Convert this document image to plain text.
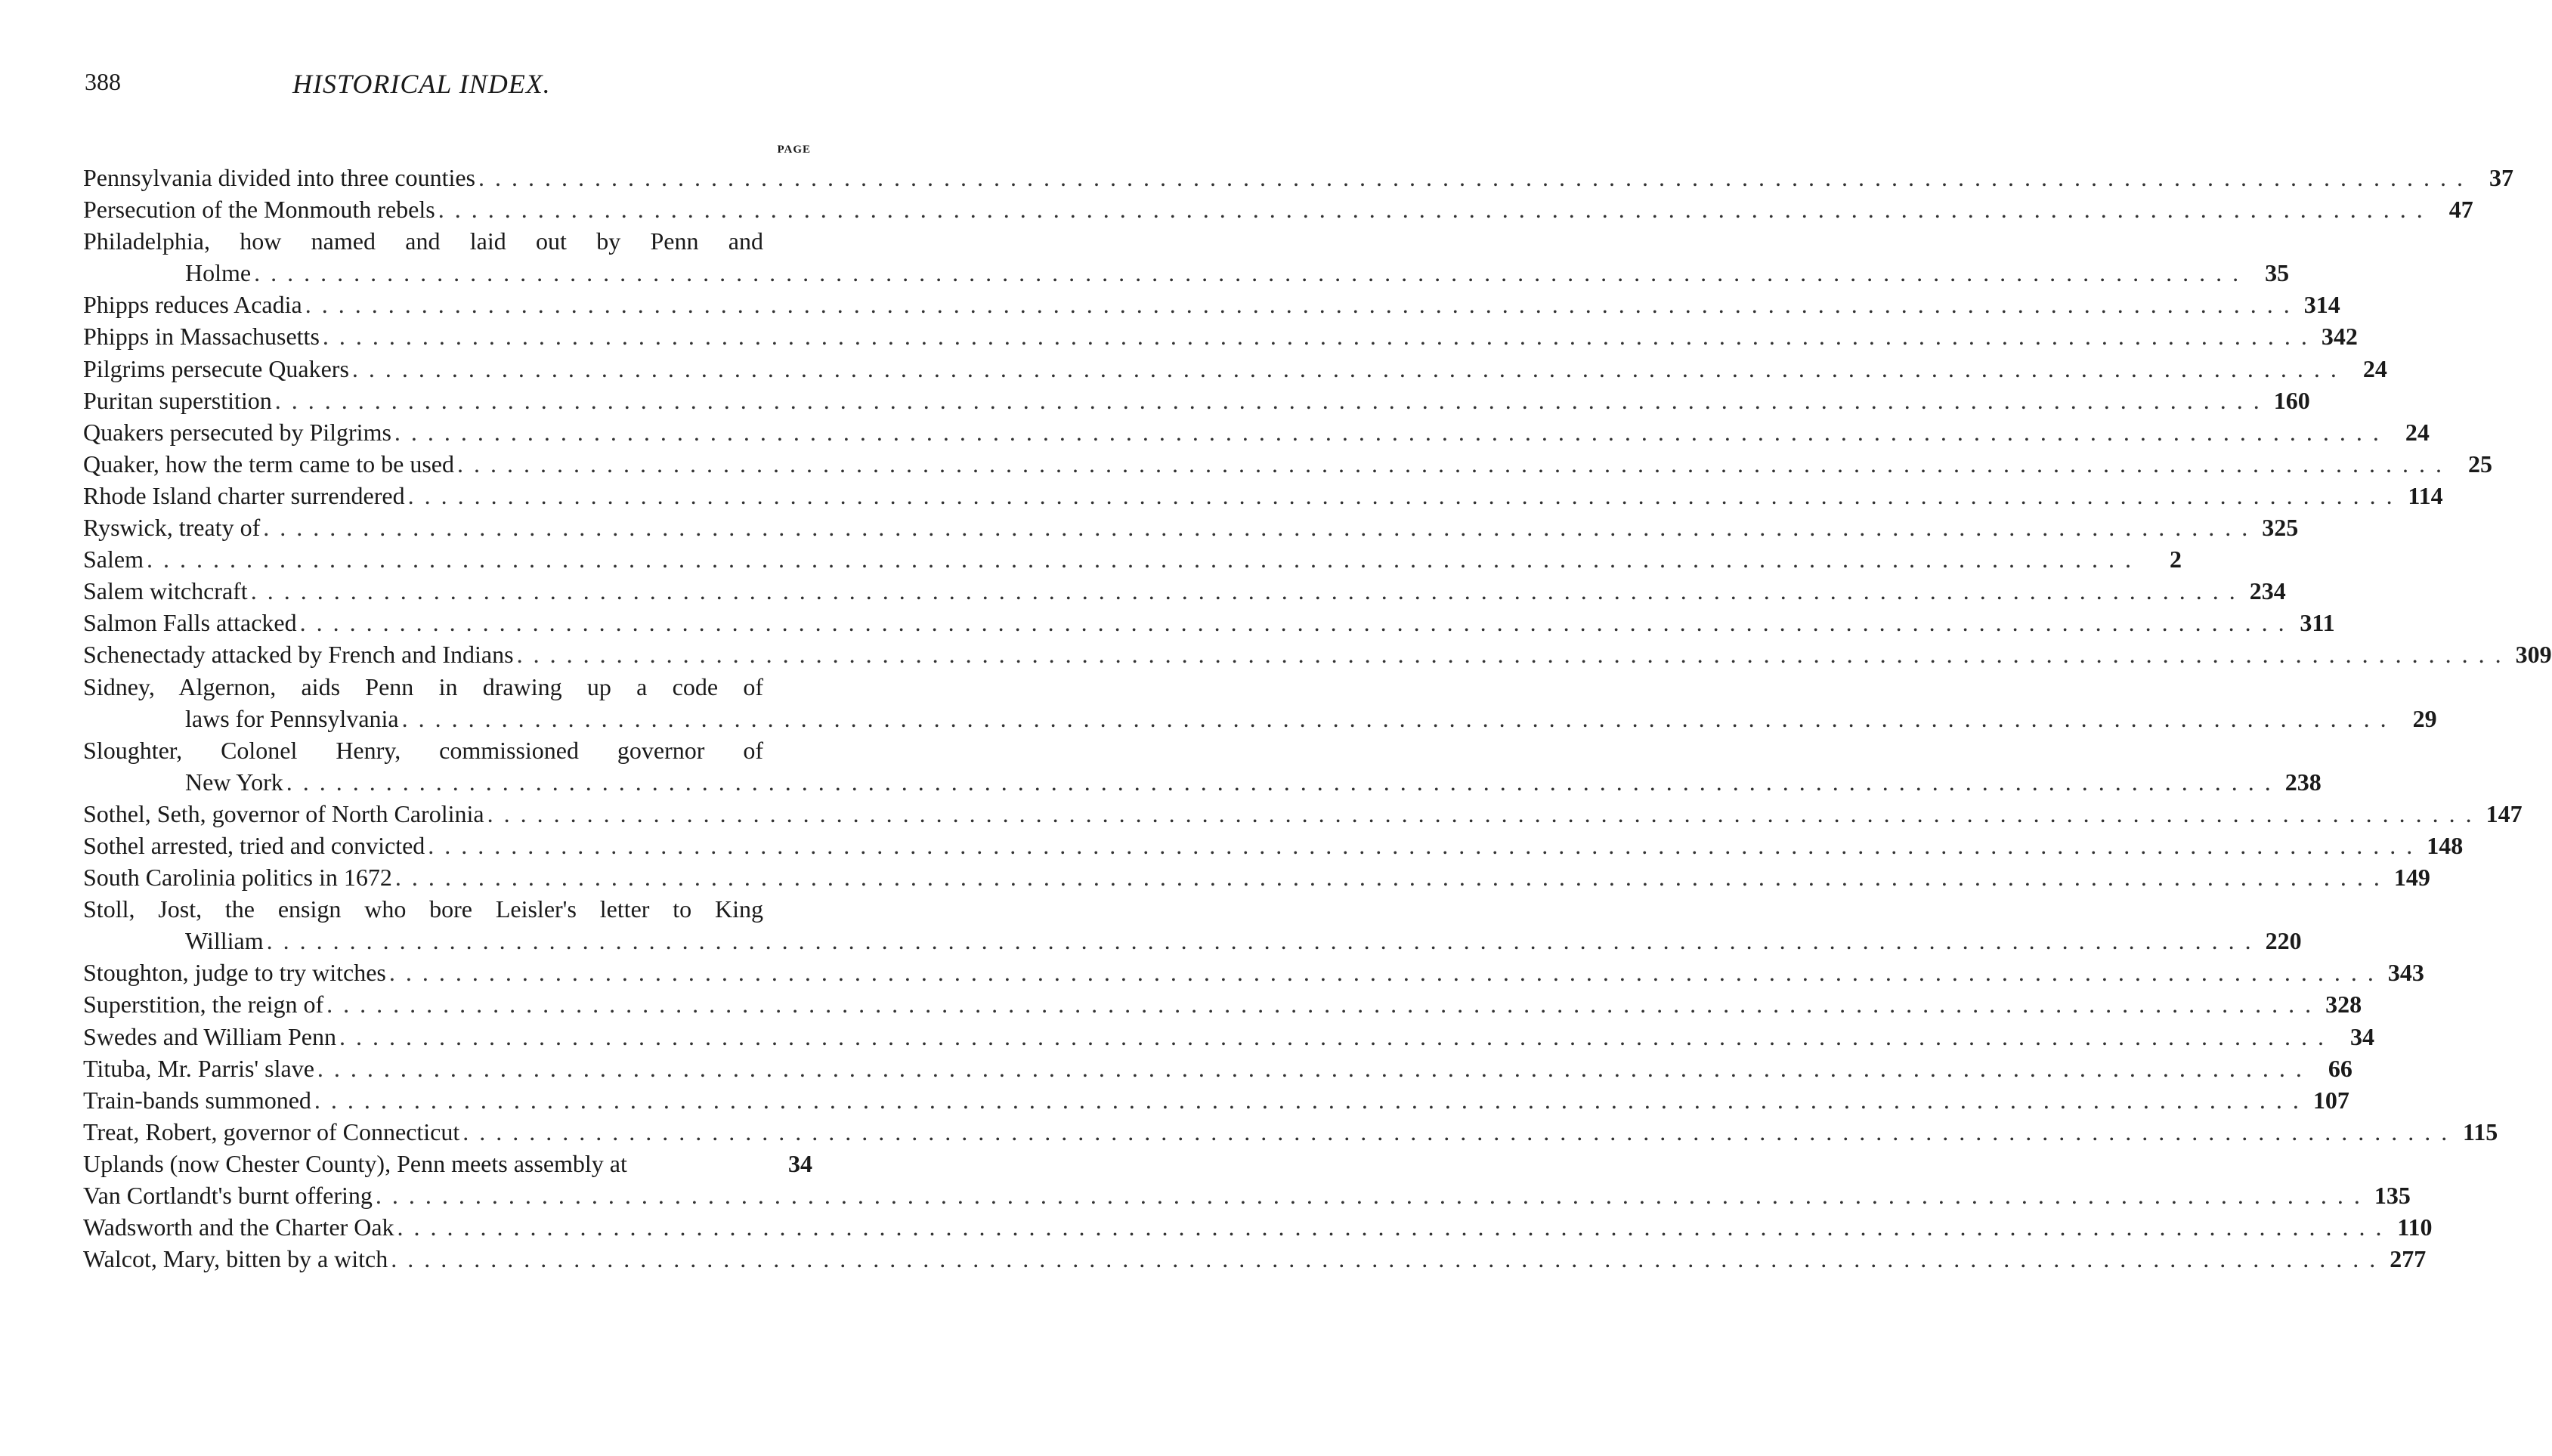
388	HISTORICAL INDEX.
PAGE
Pennsylvania divided into three counties . . . . . . . . . . . . . . . . . . . . . . . . . . . . . . . . . . . . . . . . . . . . . . . . . . . . . . . . . . . . . . . . . . . . . . . . . . . . . . . . . . . . . . . . . . . . . . . . . . . . . . . . . . . . . . . . . . . . . . . .	37
Persecution of the Monmouth rebels . . . . . . . . . . . . . . . . . . . . . . . . . . . . . . . . . . . . . . . . . . . . . . . . . . . . . . . . . . . . . . . . . . . . . . . . . . . . . . . . . . . . . . . . . . . . . . . . . . . . . . . . . . . . . . . . . . . . . . . .	47
Philadelphia, how named and laid out by Penn and
Holme . . . . . . . . . . . . . . . . . . . . . . . . . . . . . . . . . . . . . . . . . . . . . . . . . . . . . . . . . . . . . . . . . . . . . . . . . . . . . . . . . . . . . . . . . . . . . . . . . . . . . . . . . . . . . . . . . . . . . . . .	35
Phipps reduces Acadia . . . . . . . . . . . . . . . . . . . . . . . . . . . . . . . . . . . . . . . . . . . . . . . . . . . . . . . . . . . . . . . . . . . . . . . . . . . . . . . . . . . . . . . . . . . . . . . . . . . . . . . . . . . . . . . . . . . . . . . . 314
Phipps in Massachusetts . . . . . . . . . . . . . . . . . . . . . . . . . . . . . . . . . . . . . . . . . . . . . . . . . . . . . . . . . . . . . . . . . . . . . . . . . . . . . . . . . . . . . . . . . . . . . . . . . . . . . . . . . . . . . . . . . . . . . . . . 342
Pilgrims persecute Quakers . . . . . . . . . . . . . . . . . . . . . . . . . . . . . . . . . . . . . . . . . . . . . . . . . . . . . . . . . . . . . . . . . . . . . . . . . . . . . . . . . . . . . . . . . . . . . . . . . . . . . . . . . . . . . . . . . . . . . . . .	24
Puritan superstition . . . . . . . . . . . . . . . . . . . . . . . . . . . . . . . . . . . . . . . . . . . . . . . . . . . . . . . . . . . . . . . . . . . . . . . . . . . . . . . . . . . . . . . . . . . . . . . . . . . . . . . . . . . . . . . . . . . . . . . . 160
Quakers persecuted by Pilgrims . . . . . . . . . . . . . . . . . . . . . . . . . . . . . . . . . . . . . . . . . . . . . . . . . . . . . . . . . . . . . . . . . . . . . . . . . . . . . . . . . . . . . . . . . . . . . . . . . . . . . . . . . . . . . . . . . . . . . . . .	24
Quaker, how the term came to be used . . . . . . . . . . . . . . . . . . . . . . . . . . . . . . . . . . . . . . . . . . . . . . . . . . . . . . . . . . . . . . . . . . . . . . . . . . . . . . . . . . . . . . . . . . . . . . . . . . . . . . . . . . . . . . . . . . . . . . . .	25
Rhode Island charter surrendered . . . . . . . . . . . . . . . . . . . . . . . . . . . . . . . . . . . . . . . . . . . . . . . . . . . . . . . . . . . . . . . . . . . . . . . . . . . . . . . . . . . . . . . . . . . . . . . . . . . . . . . . . . . . . . . . . . . . . . . . 114
Ryswick, treaty of . . . . . . . . . . . . . . . . . . . . . . . . . . . . . . . . . . . . . . . . . . . . . . . . . . . . . . . . . . . . . . . . . . . . . . . . . . . . . . . . . . . . . . . . . . . . . . . . . . . . . . . . . . . . . . . . . . . . . . . . 325
Salem . . . . . . . . . . . . . . . . . . . . . . . . . . . . . . . . . . . . . . . . . . . . . . . . . . . . . . . . . . . . . . . . . . . . . . . . . . . . . . . . . . . . . . . . . . . . . . . . . . . . . . . . . . . . . . . . . . . . . . . .	2
Salem witchcraft . . . . . . . . . . . . . . . . . . . . . . . . . . . . . . . . . . . . . . . . . . . . . . . . . . . . . . . . . . . . . . . . . . . . . . . . . . . . . . . . . . . . . . . . . . . . . . . . . . . . . . . . . . . . . . . . . . . . . . . . 234
Salmon Falls attacked . . . . . . . . . . . . . . . . . . . . . . . . . . . . . . . . . . . . . . . . . . . . . . . . . . . . . . . . . . . . . . . . . . . . . . . . . . . . . . . . . . . . . . . . . . . . . . . . . . . . . . . . . . . . . . . . . . . . . . . . 311
Schenectady attacked by French and Indians . . . . . . . . . . . . . . . . . . . . . . . . . . . . . . . . . . . . . . . . . . . . . . . . . . . . . . . . . . . . . . . . . . . . . . . . . . . . . . . . . . . . . . . . . . . . . . . . . . . . . . . . . . . . . . . . . . . . . . . . 309
Sidney, Algernon, aids Penn in drawing up a code of
laws for Pennsylvania . . . . . . . . . . . . . . . . . . . . . . . . . . . . . . . . . . . . . . . . . . . . . . . . . . . . . . . . . . . . . . . . . . . . . . . . . . . . . . . . . . . . . . . . . . . . . . . . . . . . . . . . . . . . . . . . . . . . . . . .	29
Sloughter, Colonel Henry, commissioned governor of
New York . . . . . . . . . . . . . . . . . . . . . . . . . . . . . . . . . . . . . . . . . . . . . . . . . . . . . . . . . . . . . . . . . . . . . . . . . . . . . . . . . . . . . . . . . . . . . . . . . . . . . . . . . . . . . . . . . . . . . . . . 238
Sothel, Seth, governor of North Carolinia . . . . . . . . . . . . . . . . . . . . . . . . . . . . . . . . . . . . . . . . . . . . . . . . . . . . . . . . . . . . . . . . . . . . . . . . . . . . . . . . . . . . . . . . . . . . . . . . . . . . . . . . . . . . . . . . . . . . . . . . 147
Sothel arrested, tried and convicted . . . . . . . . . . . . . . . . . . . . . . . . . . . . . . . . . . . . . . . . . . . . . . . . . . . . . . . . . . . . . . . . . . . . . . . . . . . . . . . . . . . . . . . . . . . . . . . . . . . . . . . . . . . . . . . . . . . . . . . . 148
South Carolinia politics in 1672 . . . . . . . . . . . . . . . . . . . . . . . . . . . . . . . . . . . . . . . . . . . . . . . . . . . . . . . . . . . . . . . . . . . . . . . . . . . . . . . . . . . . . . . . . . . . . . . . . . . . . . . . . . . . . . . . . . . . . . . . 149
Stoll, Jost, the ensign who bore Leisler's letter to King
William . . . . . . . . . . . . . . . . . . . . . . . . . . . . . . . . . . . . . . . . . . . . . . . . . . . . . . . . . . . . . . . . . . . . . . . . . . . . . . . . . . . . . . . . . . . . . . . . . . . . . . . . . . . . . . . . . . . . . . . . 220
Stoughton, judge to try witches . . . . . . . . . . . . . . . . . . . . . . . . . . . . . . . . . . . . . . . . . . . . . . . . . . . . . . . . . . . . . . . . . . . . . . . . . . . . . . . . . . . . . . . . . . . . . . . . . . . . . . . . . . . . . . . . . . . . . . . . 343
Superstition, the reign of . . . . . . . . . . . . . . . . . . . . . . . . . . . . . . . . . . . . . . . . . . . . . . . . . . . . . . . . . . . . . . . . . . . . . . . . . . . . . . . . . . . . . . . . . . . . . . . . . . . . . . . . . . . . . . . . . . . . . . . . 328
Swedes and William Penn . . . . . . . . . . . . . . . . . . . . . . . . . . . . . . . . . . . . . . . . . . . . . . . . . . . . . . . . . . . . . . . . . . . . . . . . . . . . . . . . . . . . . . . . . . . . . . . . . . . . . . . . . . . . . . . . . . . . . . . .	34
Tituba, Mr. Parris' slave . . . . . . . . . . . . . . . . . . . . . . . . . . . . . . . . . . . . . . . . . . . . . . . . . . . . . . . . . . . . . . . . . . . . . . . . . . . . . . . . . . . . . . . . . . . . . . . . . . . . . . . . . . . . . . . . . . . . . . . .	66
Train-bands summoned . . . . . . . . . . . . . . . . . . . . . . . . . . . . . . . . . . . . . . . . . . . . . . . . . . . . . . . . . . . . . . . . . . . . . . . . . . . . . . . . . . . . . . . . . . . . . . . . . . . . . . . . . . . . . . . . . . . . . . . . 107
Treat, Robert, governor of Connecticut . . . . . . . . . . . . . . . . . . . . . . . . . . . . . . . . . . . . . . . . . . . . . . . . . . . . . . . . . . . . . . . . . . . . . . . . . . . . . . . . . . . . . . . . . . . . . . . . . . . . . . . . . . . . . . . . . . . . . . . . 115
Uplands (now Chester County), Penn meets assembly at	34
Van Cortlandt's burnt offering . . . . . . . . . . . . . . . . . . . . . . . . . . . . . . . . . . . . . . . . . . . . . . . . . . . . . . . . . . . . . . . . . . . . . . . . . . . . . . . . . . . . . . . . . . . . . . . . . . . . . . . . . . . . . . . . . . . . . . . . 135
Wadsworth and the Charter Oak . . . . . . . . . . . . . . . . . . . . . . . . . . . . . . . . . . . . . . . . . . . . . . . . . . . . . . . . . . . . . . . . . . . . . . . . . . . . . . . . . . . . . . . . . . . . . . . . . . . . . . . . . . . . . . . . . . . . . . . . 110
Walcot, Mary, bitten by a witch . . . . . . . . . . . . . . . . . . . . . . . . . . . . . . . . . . . . . . . . . . . . . . . . . . . . . . . . . . . . . . . . . . . . . . . . . . . . . . . . . . . . . . . . . . . . . . . . . . . . . . . . . . . . . . . . . . . . . . . . 277
